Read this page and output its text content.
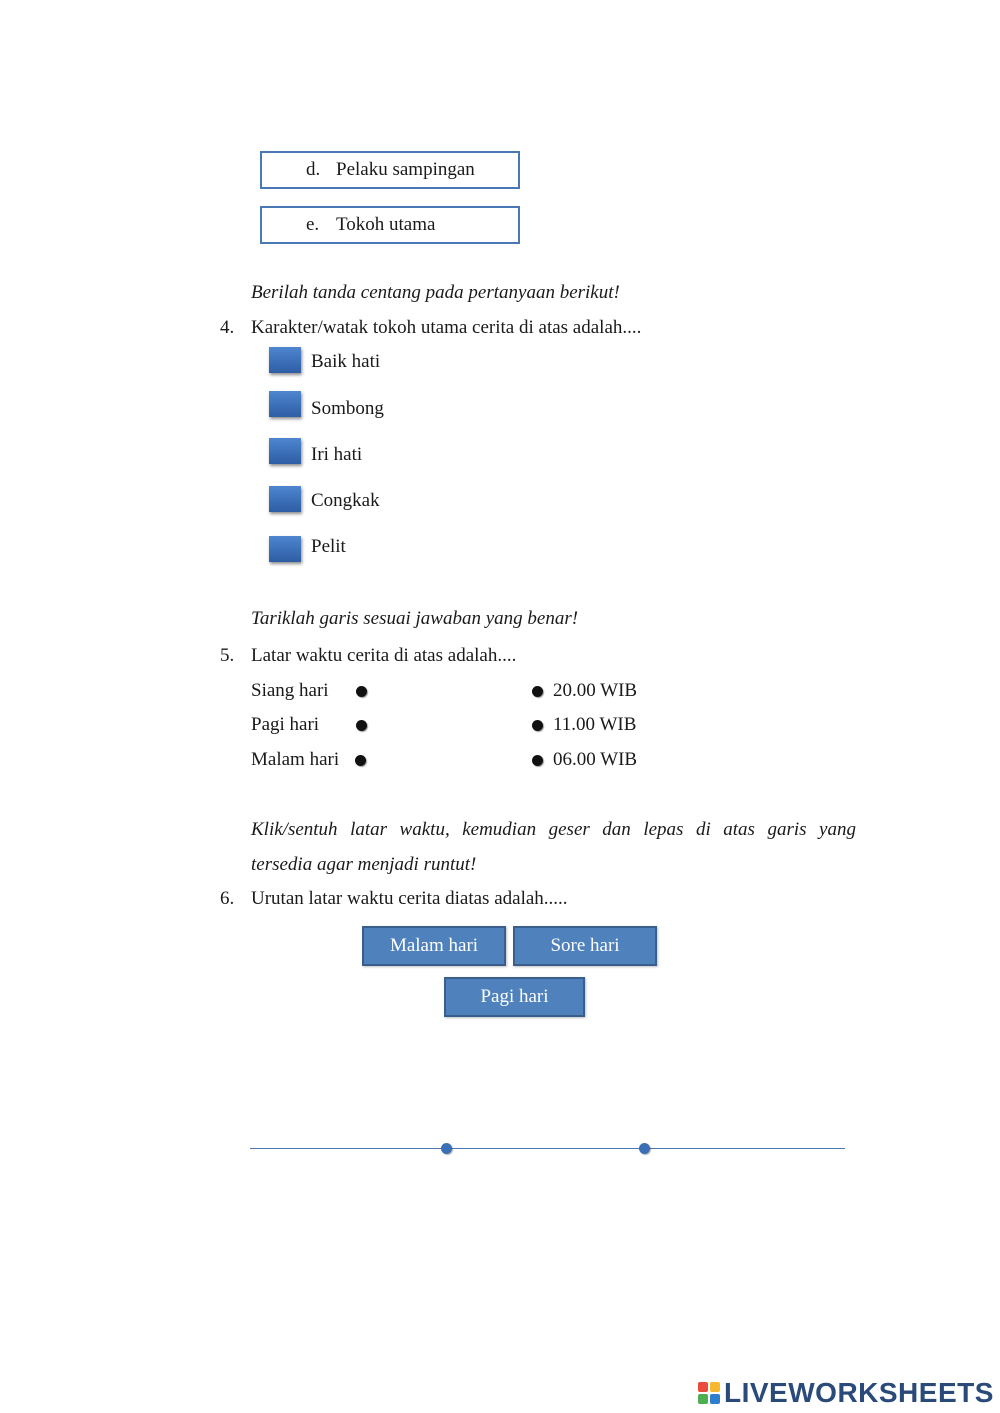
d. Pelaku sampingan
e. Tokoh utama
Berilah tanda centang pada pertanyaan berikut!
4. Karakter/watak tokoh utama cerita di atas adalah....
Baik hati
Sombong
Iri hati
Congkak
Pelit
Tariklah garis sesuai jawaban yang benar!
5. Latar waktu cerita di atas adalah....
Siang hari
Pagi hari
Malam hari
20.00 WIB
11.00 WIB
06.00 WIB
Klik/sentuh latar waktu, kemudian geser dan lepas di atas garis yang
tersedia agar menjadi runtut!
6. Urutan latar waktu cerita diatas adalah.....
Malam hari	Sore hari
Pagi hari
LIVEWORKSHEETS
